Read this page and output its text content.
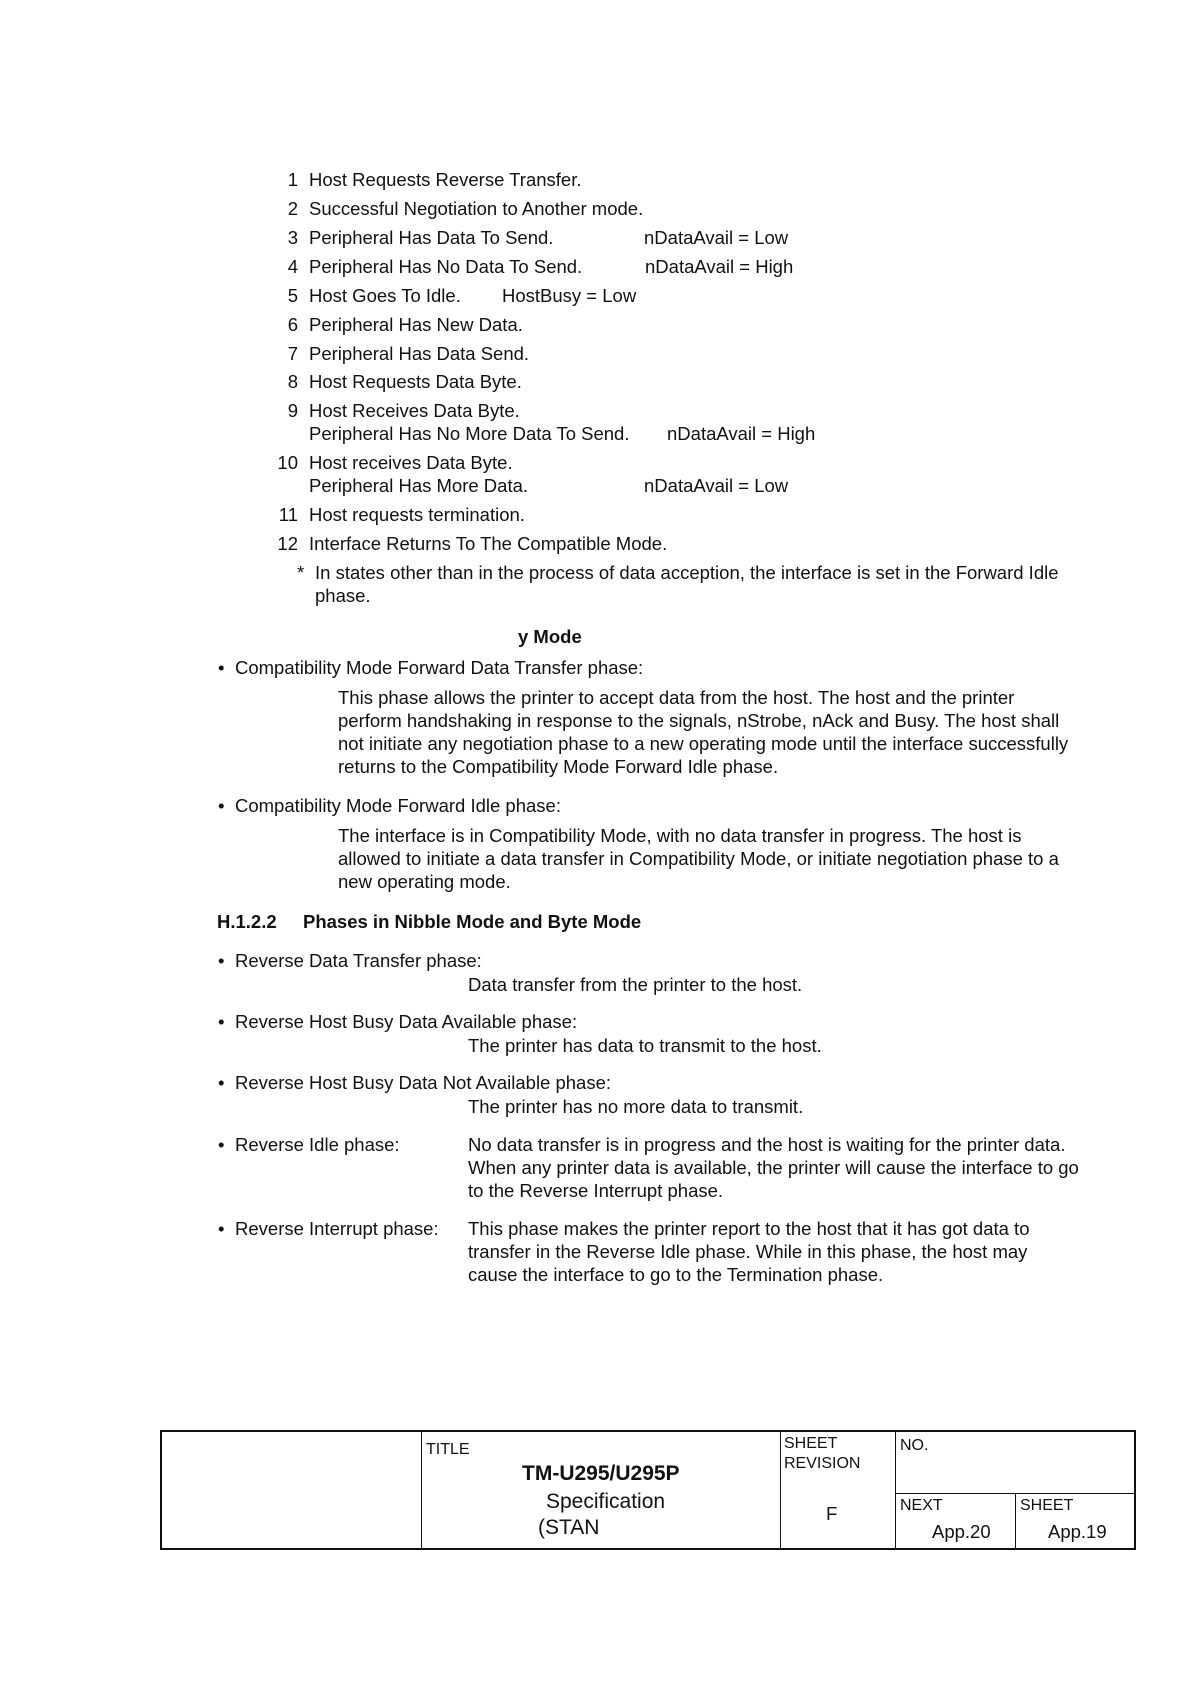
1 Host Requests Reverse Transfer.
2 Successful Negotiation to Another mode.
3 Peripheral Has Data To Send.	nDataAvail = Low
4 Peripheral Has No Data To Send.	nDataAvail = High
5 Host Goes To Idle. HostBusy = Low
6 Peripheral Has New Data.
7 Peripheral Has Data Send.
8 Host Requests Data Byte.
9 Host Receives Data Byte.
Peripheral Has No More Data To Send. nDataAvail = High
10 Host receives Data Byte.
Peripheral Has More Data.	nDataAvail = Low
11 Host requests termination.
12 Interface Returns To The Compatible Mode.
* In states other than in the process of data acception, the interface is set in the Forward Idle
phase.
y Mode
• Compatibility Mode Forward Data Transfer phase:
This phase allows the printer to accept data from the host. The host and the printer
perform handshaking in response to the signals, nStrobe, nAck and Busy. The host shall
not initiate any negotiation phase to a new operating mode until the interface successfully
returns to the Compatibility Mode Forward Idle phase.
• Compatibility Mode Forward Idle phase:
The interface is in Compatibility Mode, with no data transfer in progress. The host is
allowed to initiate a data transfer in Compatibility Mode, or initiate negotiation phase to a
new operating mode.
H.1.2.2 Phases in Nibble Mode and Byte Mode
• Reverse Data Transfer phase:
Data transfer from the printer to the host.
• Reverse Host Busy Data Available phase:
The printer has data to transmit to the host.
• Reverse Host Busy Data Not Available phase:
The printer has no more data to transmit.
• Reverse Idle phase:	No data transfer is in progress and the host is waiting for the printer data.
When any printer data is available, the printer will cause the interface to go
to the Reverse Interrupt phase.
• Reverse Interrupt phase: This phase makes the printer report to the host that it has got data to
transfer in the Reverse Idle phase. While in this phase, the host may
cause the interface to go to the Termination phase.
TITLE
TM-U295/U295P
Specification
(STAN
SHEET
REVISION
F
NO.
NEXT
App.20
SHEET
App.19
